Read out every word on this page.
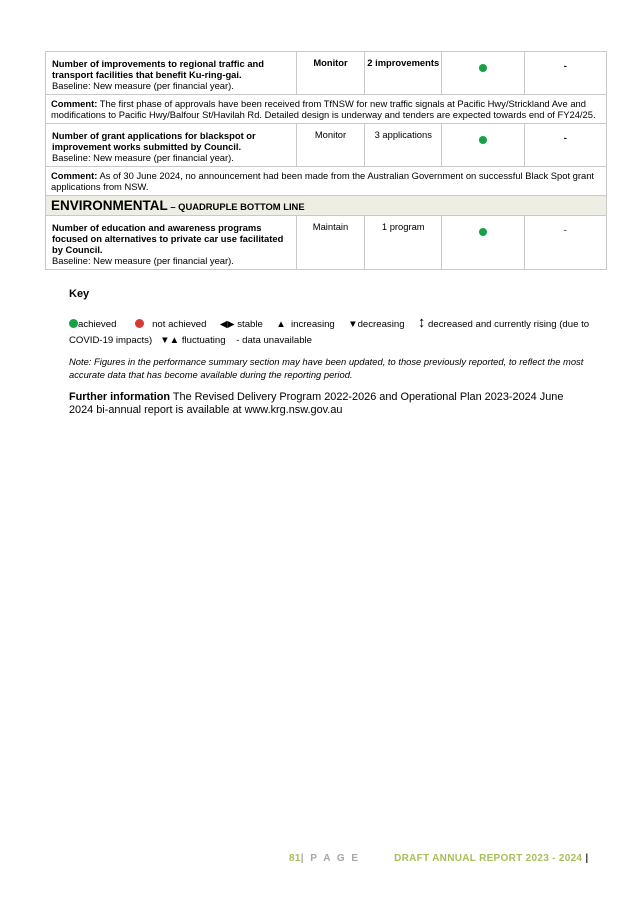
Number of improvements to regional traffic and transport facilities that benefit Ku-ring-gai.
Baseline: New measure (per financial year).	Monitor	2 improvements		-
Comment: The first phase of approvals have been received from TfNSW for new traffic signals at Pacific Hwy/Strickland Ave and modifications to Pacific Hwy/Balfour St/Havilah Rd. Detailed design is underway and tenders are expected towards end of FY24/25.				

Number of grant applications for blackspot or improvement works submitted by Council.
Baseline: New measure (per financial year).	Monitor	3 applications		-
Comment: As of 30 June 2024, no announcement had been made from the Australian Government on successful Black Spot grant applications from NSW.				
ENVIRONMENTAL – QUADRUPLE BOTTOM LINE				

Number of education and awareness programs focused on alternatives to private car use facilitated by Council.
Baseline: New measure (per financial year).	Maintain	1 program		-
Key
achieved	not achieved ◀▶ stable ▲ increasing ▼decreasing ↕ decreased and currently rising (due to COVID-19 impacts) ▼▲ fluctuating - data unavailable
Note: Figures in the performance summary section may have been updated, to those previously reported, to reflect the most accurate data that has become available during the reporting period.
Further information The Revised Delivery Program 2022-2026 and Operational Plan 2023-2024 June 2024 bi-annual report is available at www.krg.nsw.gov.au
81| P A G E	DRAFT ANNUAL REPORT 2023 - 2024 |
